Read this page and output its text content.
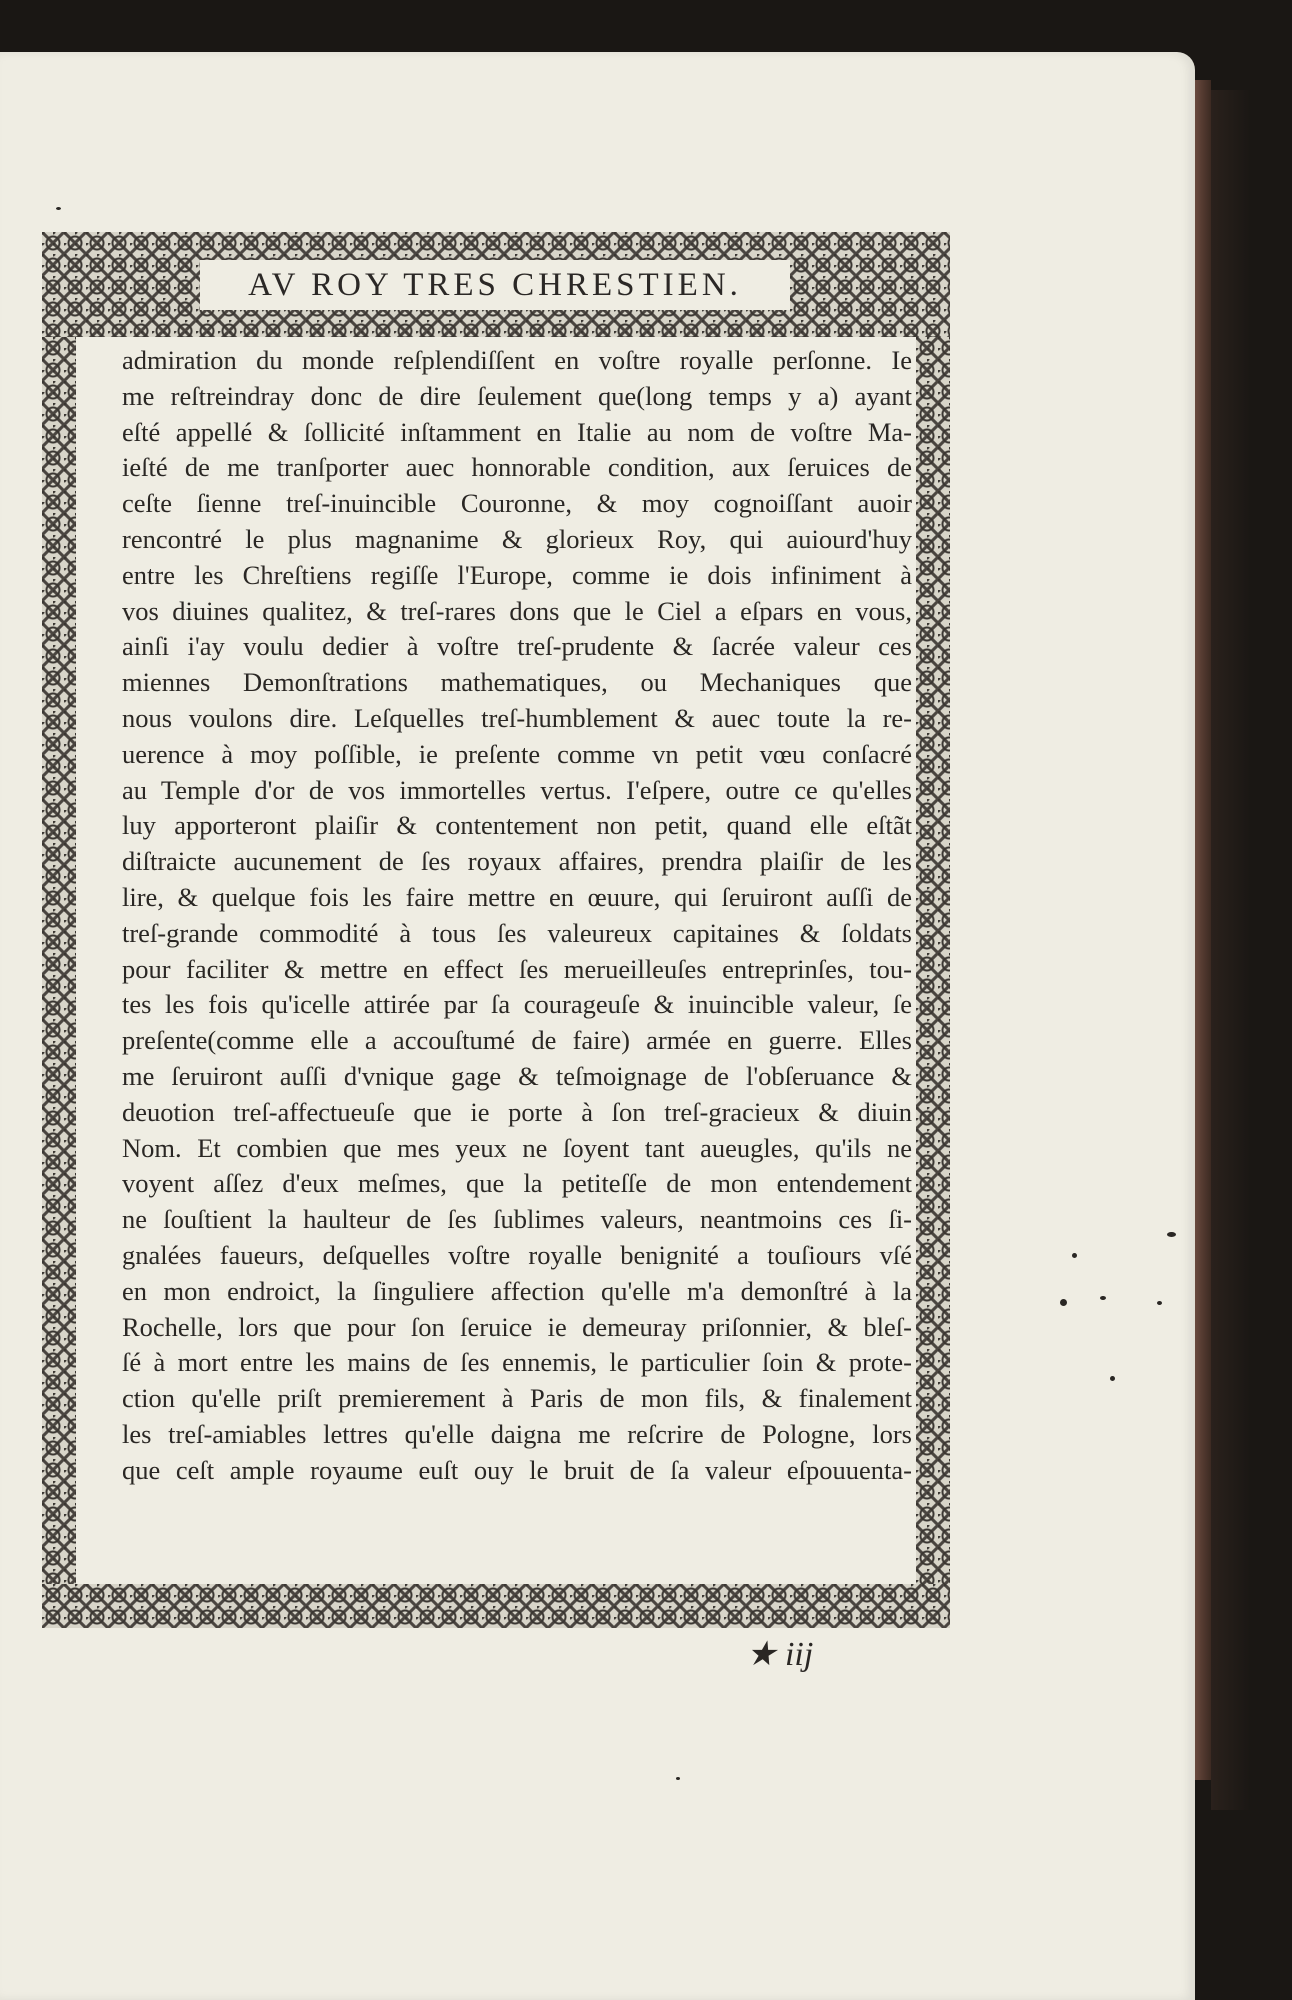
AV ROY TRES CHRESTIEN.
admiration du monde reſplendiſſent en voſtre royalle perſonne. Ie
me reſtreindray donc de dire ſeulement que(long temps y a) ayant
eſté appellé & ſollicité inſtamment en Italie au nom de voſtre Ma-
ieſté de me tranſporter auec honnorable condition, aux ſeruices de
ceſte ſienne treſ-inuincible Couronne, & moy cognoiſſant auoir
rencontré le plus magnanime & glorieux Roy, qui auiourd'huy
entre les Chreſtiens regiſſe l'Europe, comme ie dois infiniment à
vos diuines qualitez, & treſ-rares dons que le Ciel a eſpars en vous,
ainſi i'ay voulu dedier à voſtre treſ-prudente & ſacrée valeur ces
miennes Demonſtrations mathematiques, ou Mechaniques que
nous voulons dire. Leſquelles treſ-humblement & auec toute la re-
uerence à moy poſſible, ie preſente comme vn petit vœu conſacré
au Temple d'or de vos immortelles vertus. I'eſpere, outre ce qu'elles
luy apporteront plaiſir & contentement non petit, quand elle eſtãt
diſtraicte aucunement de ſes royaux affaires, prendra plaiſir de les
lire, & quelque fois les faire mettre en œuure, qui ſeruiront auſſi de
treſ-grande commodité à tous ſes valeureux capitaines & ſoldats
pour faciliter & mettre en effect ſes merueilleuſes entreprinſes, tou-
tes les fois qu'icelle attirée par ſa courageuſe & inuincible valeur, ſe
preſente(comme elle a accouſtumé de faire) armée en guerre. Elles
me ſeruiront auſſi d'vnique gage & teſmoignage de l'obſeruance &
deuotion treſ-affectueuſe que ie porte à ſon treſ-gracieux & diuin
Nom. Et combien que mes yeux ne ſoyent tant aueugles, qu'ils ne
voyent aſſez d'eux meſmes, que la petiteſſe de mon entendement
ne ſouſtient la haulteur de ſes ſublimes valeurs, neantmoins ces ſi-
gnalées faueurs, deſquelles voſtre royalle benignité a touſiours vſé
en mon endroict, la ſinguliere affection qu'elle m'a demonſtré à la
Rochelle, lors que pour ſon ſeruice ie demeuray priſonnier, & bleſ-
ſé à mort entre les mains de ſes ennemis, le particulier ſoin & prote-
ction qu'elle priſt premierement à Paris de mon fils, & finalement
les treſ-amiables lettres qu'elle daigna me reſcrire de Pologne, lors
que ceſt ample royaume euſt ouy le bruit de ſa valeur eſpouuenta-
★ iij
